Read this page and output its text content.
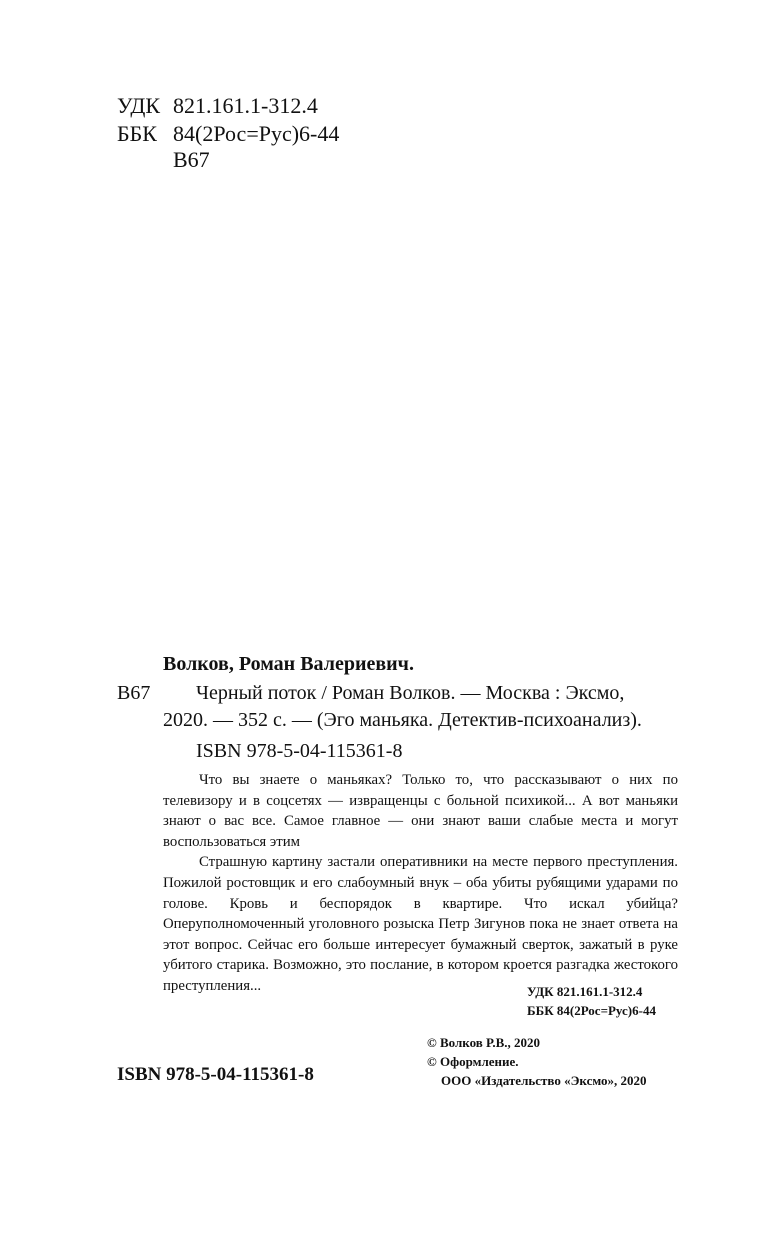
УДК 821.161.1-312.4
ББК 84(2Рос=Рус)6-44
В67
Волков, Роман Валериевич.
В67 Черный поток / Роман Волков. — Москва : Эксмо,
2020. — 352 с. — (Эго маньяка. Детектив-психоанализ).
ISBN 978-5-04-115361-8

Что вы знаете о маньяках? Только то, что рассказывают о них по телевизору и в соцсетях — извращенцы с больной психикой... А вот маньяки знают о вас все. Самое главное — они знают ваши слабые места и могут воспользоваться этим

Страшную картину застали оперативники на месте первого преступления. Пожилой ростовщик и его слабоумный внук – оба убиты рубящими ударами по голове. Кровь и беспорядок в квартире. Что искал убийца? Оперуполномоченный уголовного розыска Петр Зигунов пока не знает ответа на этот вопрос. Сейчас его больше интересует бумажный сверток, зажатый в руке убитого старика. Возможно, это послание, в котором кроется разгадка жестокого преступления...	УДК 821.161.1-312.4
ББК 84(2Рос=Рус)6-44
© Волков Р.В., 2020
© Оформление.
ООО «Издательство «Эксмо», 2020
ISBN 978-5-04-115361-8
